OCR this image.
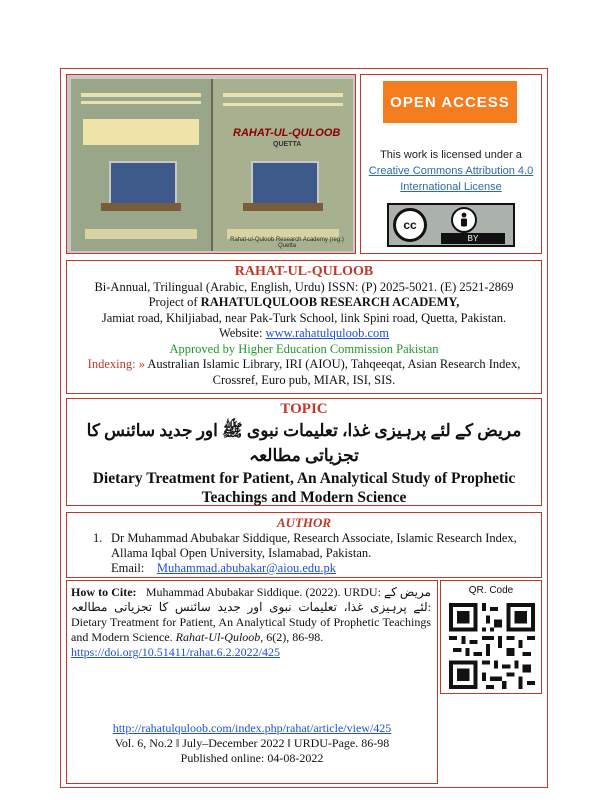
RAHAT-UL-QULOOB
QUETTA
Rahat-ul-Quloob Research Academy (reg.) Quetta
OPEN ACCESS
This work is licensed under a
Creative Commons Attribution 4.0 International License
cc
BY
RAHAT-UL-QULOOB
Bi-Annual, Trilingual (Arabic, English, Urdu) ISSN: (P) 2025-5021. (E) 2521-2869
Project of RAHATULQULOOB RESEARCH ACADEMY,
Jamiat road, Khiljiabad, near Pak-Turk School, link Spini road, Quetta, Pakistan.
Website: www.rahatulquloob.com
Approved by Higher Education Commission Pakistan
Indexing: » Australian Islamic Library, IRI (AIOU), Tahqeeqat, Asian Research Index, Crossref, Euro pub, MIAR, ISI, SIS.
TOPIC
مریض کے لئے پرہیزی غذا، تعلیمات نبوی ﷺ اور جدید سائنس کا تجزیاتی مطالعہ
Dietary Treatment for Patient, An Analytical Study of Prophetic Teachings and Modern Science
AUTHOR
1. Dr Muhammad Abubakar Siddique, Research Associate, Islamic Research Index, Allama Iqbal Open University, Islamabad, Pakistan.
Email: Muhammad.abubakar@aiou.edu.pk
How to Cite: Muhammad Abubakar Siddique. (2022). URDU: مریض کے لئے پرہیزی غذا، تعلیمات نبوی اور جدید سائنس کا تجزیاتی مطالعہ: Dietary Treatment for Patient, An Analytical Study of Prophetic Teachings and Modern Science. Rahat-Ul-Quloob, 6(2), 86-98.
https://doi.org/10.51411/rahat.6.2.2022/425
http://rahatulquloob.com/index.php/rahat/article/view/425
Vol. 6, No.2 ‖ July–December 2022 ‖ URDU-Page. 86-98
Published online: 04-08-2022
QR. Code
